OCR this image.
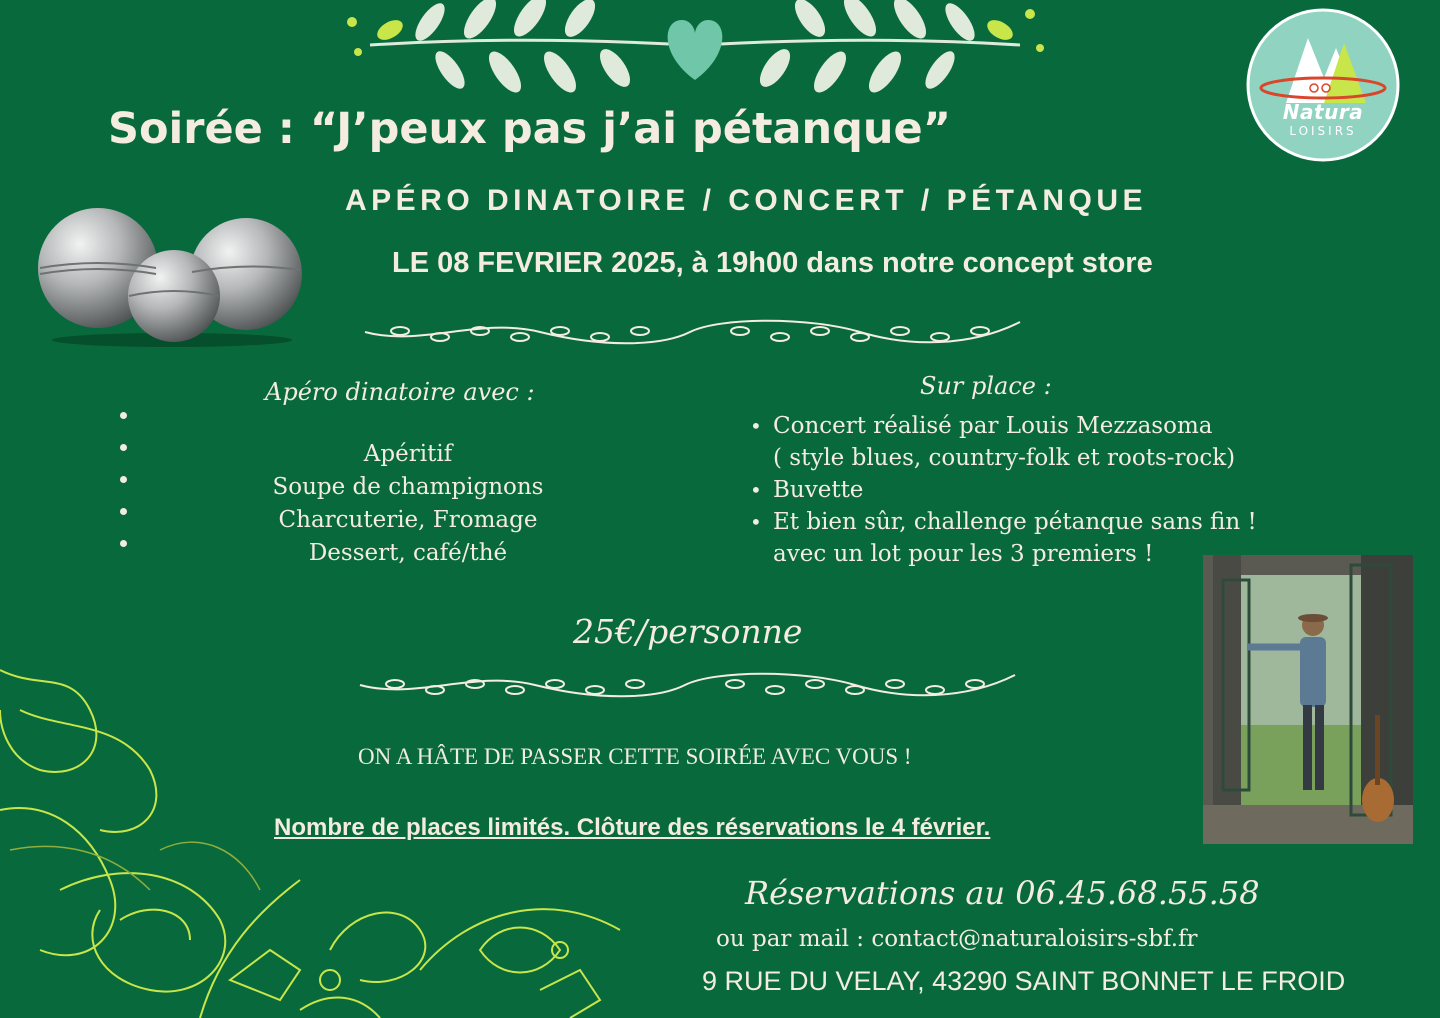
Natura
LOISIRS
Soirée : “J’peux pas j’ai pétanque”
APÉRO DINATOIRE / CONCERT / PÉTANQUE
LE 08 FEVRIER 2025, à 19h00 dans notre concept store
Apéro dinatoire avec :
Apéritif
Soupe de champignons
Charcuterie, Fromage
Dessert, café/thé
Sur place :
• Concert réalisé par Louis Mezzasoma
( style blues, country-folk et roots-rock)
• Buvette
• Et bien sûr, challenge pétanque sans fin !
avec un lot pour les 3 premiers !
25€/personne
ON A HÂTE DE PASSER CETTE SOIRÉE AVEC VOUS !
Nombre de places limités. Clôture des réservations le 4 février.
Réservations au 06.45.68.55.58
ou par mail : contact@naturaloisirs-sbf.fr
9 RUE DU VELAY, 43290 SAINT BONNET LE FROID
